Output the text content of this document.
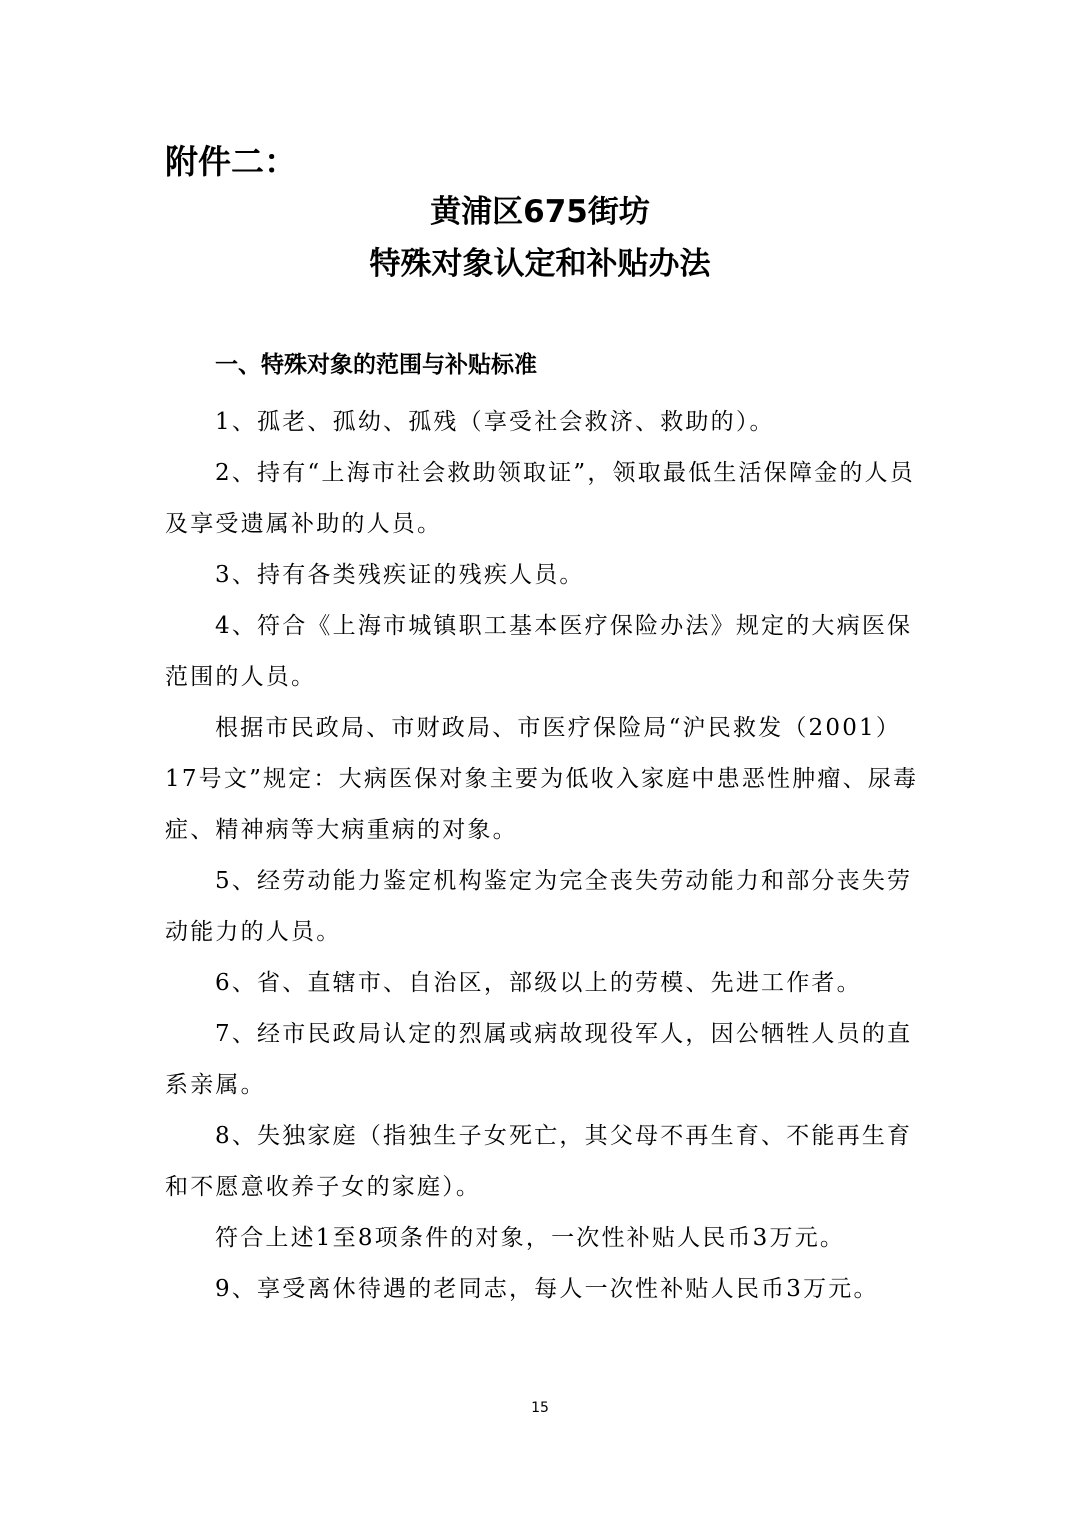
附件二：
黄浦区675街坊
特殊对象认定和补贴办法
一、特殊对象的范围与补贴标准

1、孤老、孤幼、孤残（享受社会救济、救助的）。

2、持有“上海市社会救助领取证”，领取最低生活保障金的人员及享受遗属补助的人员。

3、持有各类残疾证的残疾人员。

4、符合《上海市城镇职工基本医疗保险办法》规定的大病医保范围的人员。

根据市民政局、市财政局、市医疗保险局“沪民救发（2001）17号文”规定：大病医保对象主要为低收入家庭中患恶性肿瘤、尿毒症、精神病等大病重病的对象。

5、经劳动能力鉴定机构鉴定为完全丧失劳动能力和部分丧失劳动能力的人员。

6、省、直辖市、自治区，部级以上的劳模、先进工作者。

7、经市民政局认定的烈属或病故现役军人，因公牺牲人员的直系亲属。

8、失独家庭（指独生子女死亡，其父母不再生育、不能再生育和不愿意收养子女的家庭）。

符合上述1至8项条件的对象，一次性补贴人民币3万元。

9、享受离休待遇的老同志，每人一次性补贴人民币3万元。

15
